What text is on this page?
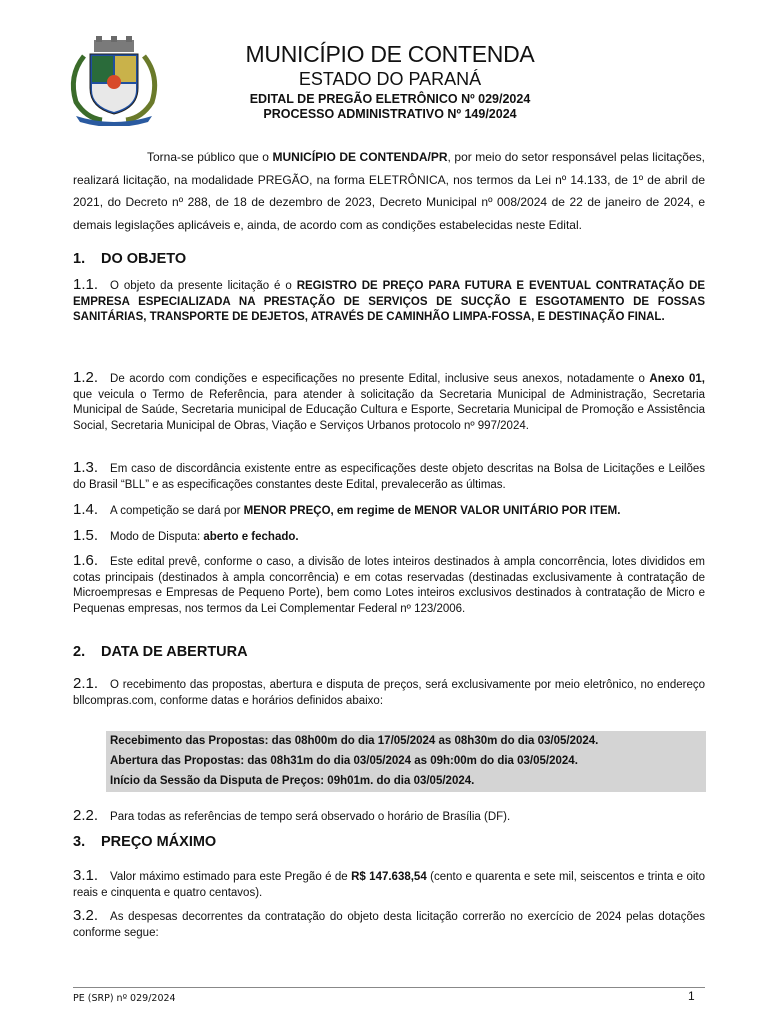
MUNICÍPIO DE CONTENDA
ESTADO DO PARANÁ
EDITAL DE PREGÃO ELETRÔNICO Nº 029/2024
PROCESSO ADMINISTRATIVO Nº 149/2024
Torna-se público que o MUNICÍPIO DE CONTENDA/PR, por meio do setor responsável pelas licitações, realizará licitação, na modalidade PREGÃO, na forma ELETRÔNICA, nos termos da Lei nº 14.133, de 1º de abril de 2021, do Decreto nº 288, de 18 de dezembro de 2023, Decreto Municipal nº 008/2024 de 22 de janeiro de 2024, e demais legislações aplicáveis e, ainda, de acordo com as condições estabelecidas neste Edital.
1. DO OBJETO
1.1. O objeto da presente licitação é o REGISTRO DE PREÇO PARA FUTURA E EVENTUAL CONTRATAÇÃO DE EMPRESA ESPECIALIZADA NA PRESTAÇÃO DE SERVIÇOS DE SUCÇÃO E ESGOTAMENTO DE FOSSAS SANITÁRIAS, TRANSPORTE DE DEJETOS, ATRAVÉS DE CAMINHÃO LIMPA-FOSSA, E DESTINAÇÃO FINAL.
1.2. De acordo com condições e especificações no presente Edital, inclusive seus anexos, notadamente o Anexo 01, que veicula o Termo de Referência, para atender à solicitação da Secretaria Municipal de Administração, Secretaria Municipal de Saúde, Secretaria municipal de Educação Cultura e Esporte, Secretaria Municipal de Promoção e Assistência Social, Secretaria Municipal de Obras, Viação e Serviços Urbanos protocolo nº 997/2024.
1.3. Em caso de discordância existente entre as especificações deste objeto descritas na Bolsa de Licitações e Leilões do Brasil “BLL” e as especificações constantes deste Edital, prevalecerão as últimas.
1.4. A competição se dará por MENOR PREÇO, em regime de MENOR VALOR UNITÁRIO POR ITEM.
1.5. Modo de Disputa: aberto e fechado.
1.6. Este edital prevê, conforme o caso, a divisão de lotes inteiros destinados à ampla concorrência, lotes divididos em cotas principais (destinados à ampla concorrência) e em cotas reservadas (destinadas exclusivamente à contratação de Microempresas e Empresas de Pequeno Porte), bem como Lotes inteiros exclusivos destinados à contratação de Micro e Pequenas empresas, nos termos da Lei Complementar Federal nº 123/2006.
2. DATA DE ABERTURA
2.1. O recebimento das propostas, abertura e disputa de preços, será exclusivamente por meio eletrônico, no endereço bllcompras.com, conforme datas e horários definidos abaixo:
Recebimento das Propostas: das 08h00m do dia 17/05/2024 as 08h30m do dia 03/05/2024.
Abertura das Propostas: das 08h31m do dia 03/05/2024 as 09h:00m do dia 03/05/2024.
Início da Sessão da Disputa de Preços: 09h01m. do dia 03/05/2024.
2.2. Para todas as referências de tempo será observado o horário de Brasília (DF).
3. PREÇO MÁXIMO
3.1. Valor máximo estimado para este Pregão é de R$ 147.638,54 (cento e quarenta e sete mil, seiscentos e trinta e oito reais e cinquenta e quatro centavos).
3.2. As despesas decorrentes da contratação do objeto desta licitação correrão no exercício de 2024 pelas dotações conforme segue:
PE (SRP) nº 029/2024	1
